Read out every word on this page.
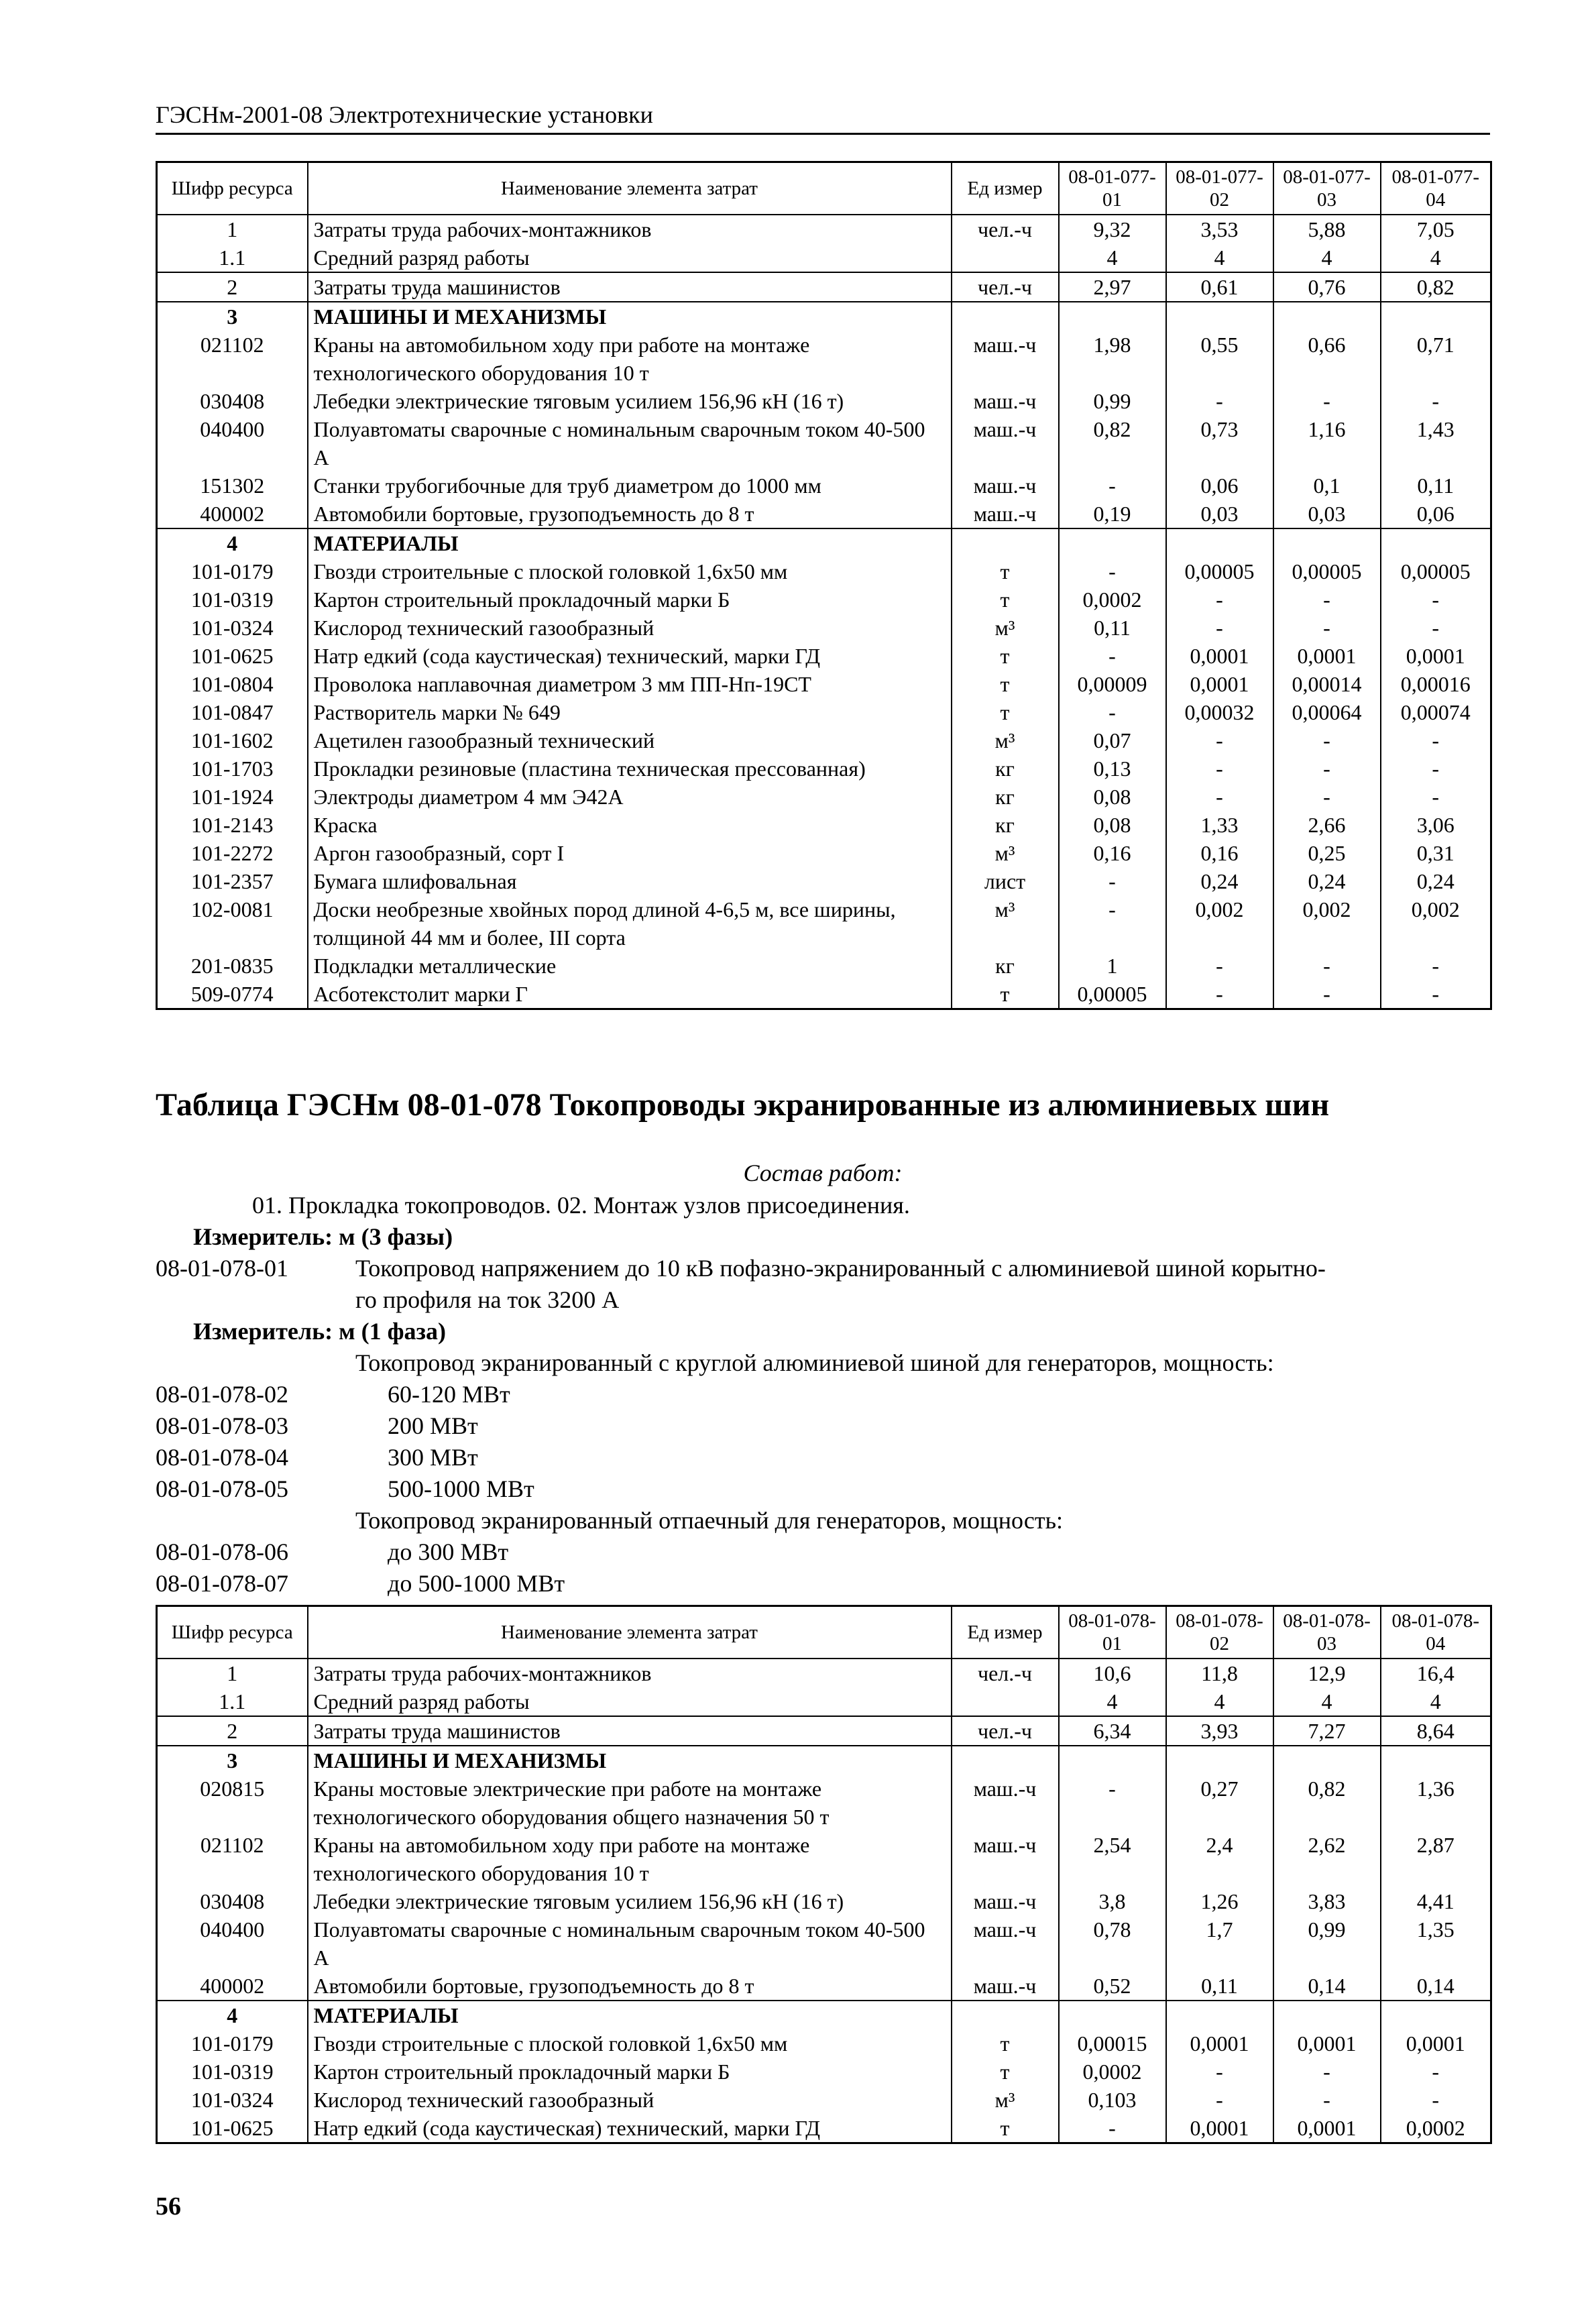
ГЭСНм-2001-08 Электротехнические установки
Шифр ресурса	Наименование элемента затрат	Ед измер	08-01-077-01	08-01-077-02	08-01-077-03	08-01-077-04
1	Затраты труда рабочих-монтажников	чел.-ч	9,32	3,53	5,88	7,05
1.1	Средний разряд работы		4	4	4	4
2	Затраты труда машинистов	чел.-ч	2,97	0,61	0,76	0,82
3	МАШИНЫ И МЕХАНИЗМЫ					
021102	Краны на автомобильном ходу при работе на монтаже технологического оборудования 10 т	маш.-ч	1,98	0,55	0,66	0,71
030408	Лебедки электрические тяговым усилием 156,96 кН (16 т)	маш.-ч	0,99	-	-	-
040400	Полуавтоматы сварочные с номинальным сварочным током 40-500 А	маш.-ч	0,82	0,73	1,16	1,43
151302	Станки трубогибочные для труб диаметром до 1000 мм	маш.-ч	-	0,06	0,1	0,11
400002	Автомобили бортовые, грузоподъемность до 8 т	маш.-ч	0,19	0,03	0,03	0,06
4	МАТЕРИАЛЫ					
101-0179	Гвозди строительные с плоской головкой 1,6x50 мм	т	-	0,00005	0,00005	0,00005
101-0319	Картон строительный прокладочный марки Б	т	0,0002	-	-	-
101-0324	Кислород технический газообразный	м³	0,11	-	-	-
101-0625	Натр едкий (сода каустическая) технический, марки ГД	т	-	0,0001	0,0001	0,0001
101-0804	Проволока наплавочная диаметром 3 мм ПП-Нп-19СТ	т	0,00009	0,0001	0,00014	0,00016
101-0847	Растворитель марки № 649	т	-	0,00032	0,00064	0,00074
101-1602	Ацетилен газообразный технический	м³	0,07	-	-	-
101-1703	Прокладки резиновые (пластина техническая прессованная)	кг	0,13	-	-	-
101-1924	Электроды диаметром 4 мм Э42А	кг	0,08	-	-	-
101-2143	Краска	кг	0,08	1,33	2,66	3,06
101-2272	Аргон газообразный, сорт I	м³	0,16	0,16	0,25	0,31
101-2357	Бумага шлифовальная	лист	-	0,24	0,24	0,24
102-0081	Доски необрезные хвойных пород длиной 4-6,5 м, все ширины, толщиной 44 мм и более, III сорта	м³	-	0,002	0,002	0,002
201-0835	Подкладки металлические	кг	1	-	-	-
509-0774	Асботекстолит марки Г	т	0,00005	-	-	-
Таблица ГЭСНм 08-01-078 Токопроводы экранированные из алюминиевых шин
Состав работ:
01. Прокладка токопроводов. 02. Монтаж узлов присоединения.
Измеритель: м (3 фазы)
08-01-078-01	Токопровод напряжением до 10 кВ пофазно-экранированный с алюминиевой шиной корытно-
го профиля на ток 3200 А
Измеритель: м (1 фаза)
Токопровод экранированный с круглой алюминиевой шиной для генераторов, мощность:
08-01-078-02	60-120 МВт
08-01-078-03	200 МВт
08-01-078-04	300 МВт
08-01-078-05	500-1000 МВт
Токопровод экранированный отпаечный для генераторов, мощность:
08-01-078-06	до 300 МВт
08-01-078-07	до 500-1000 МВт
Шифр ресурса	Наименование элемента затрат	Ед измер	08-01-078-01	08-01-078-02	08-01-078-03	08-01-078-04
1	Затраты труда рабочих-монтажников	чел.-ч	10,6	11,8	12,9	16,4
1.1	Средний разряд работы		4	4	4	4
2	Затраты труда машинистов	чел.-ч	6,34	3,93	7,27	8,64
3	МАШИНЫ И МЕХАНИЗМЫ					
020815	Краны мостовые электрические при работе на монтаже технологического оборудования общего назначения 50 т	маш.-ч	-	0,27	0,82	1,36
021102	Краны на автомобильном ходу при работе на монтаже технологического оборудования 10 т	маш.-ч	2,54	2,4	2,62	2,87
030408	Лебедки электрические тяговым усилием 156,96 кН (16 т)	маш.-ч	3,8	1,26	3,83	4,41
040400	Полуавтоматы сварочные с номинальным сварочным током 40-500 А	маш.-ч	0,78	1,7	0,99	1,35
400002	Автомобили бортовые, грузоподъемность до 8 т	маш.-ч	0,52	0,11	0,14	0,14
4	МАТЕРИАЛЫ					
101-0179	Гвозди строительные с плоской головкой 1,6x50 мм	т	0,00015	0,0001	0,0001	0,0001
101-0319	Картон строительный прокладочный марки Б	т	0,0002	-	-	-
101-0324	Кислород технический газообразный	м³	0,103	-	-	-
101-0625	Натр едкий (сода каустическая) технический, марки ГД	т	-	0,0001	0,0001	0,0002
56
